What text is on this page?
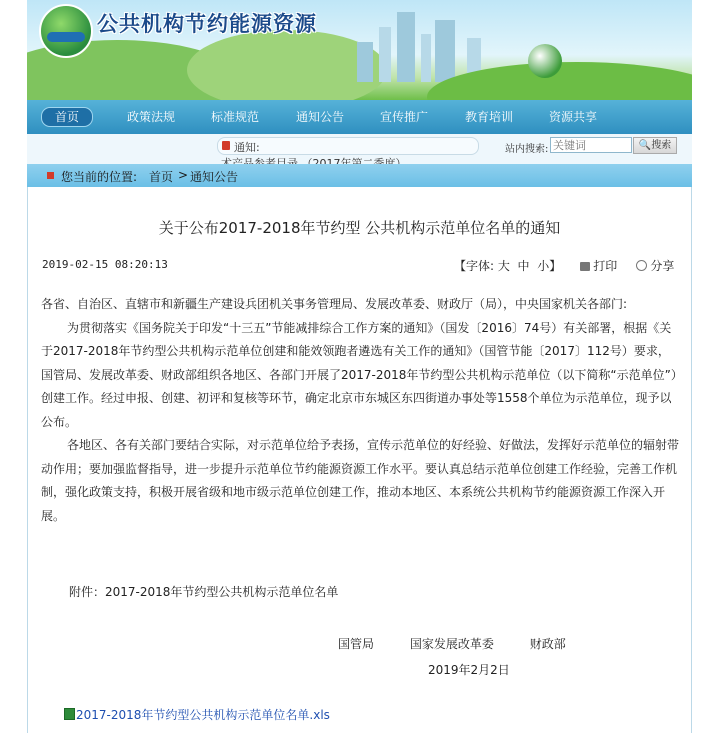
公共机构节约能源资源
首页	政策法规	标准规范	通知公告	宣传推广	教育培训	资源共享
通知:	站内搜索:
关键词	🔍搜索
您当前的位置: 首页 > 通知公告
关于公布2017-2018年节约型 公共机构示范单位名单的通知
2019-02-15 08:20:13	【字体: 大 中 小】	打印	分享

各省、自治区、直辖市和新疆生产建设兵团机关事务管理局、发展改革委、财政厅（局），中央国家机关各部门:

为贯彻落实《国务院关于印发“十三五”节能减排综合工作方案的通知》（国发〔2016〕74号）有关部署，根据《关于2017-2018年节约型公共机构示范单位创建和能效领跑者遴选有关工作的通知》（国管节能〔2017〕112号）要求，国管局、发展改革委、财政部组织各地区、各部门开展了2017-2018年节约型公共机构示范单位（以下简称“示范单位”）创建工作。经过申报、创建、初评和复核等环节，确定北京市东城区东四街道办事处等1558个单位为示范单位，现予以公布。

各地区、各有关部门要结合实际，对示范单位给予表扬，宣传示范单位的好经验、好做法，发挥好示范单位的辐射带动作用；要加强监督指导，进一步提升示范单位节约能源资源工作水平。要认真总结示范单位创建工作经验，完善工作机制，强化政策支持，积极开展省级和地市级示范单位创建工作，推动本地区、本系统公共机构节约能源资源工作深入开展。

附件：2017-2018年节约型公共机构示范单位名单
国管局	国家发展改革委	财政部
2019年2月2日
2017-2018年节约型公共机构示范单位名单.xls
